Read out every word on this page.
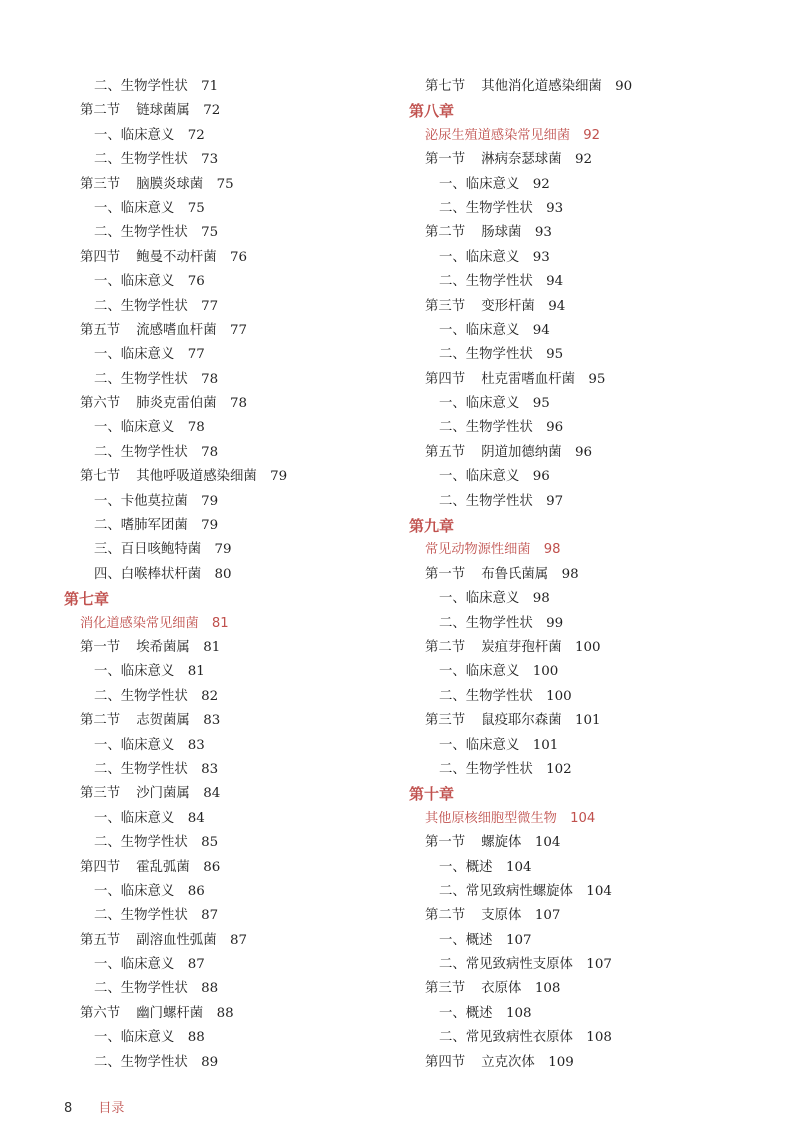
二、生物学性状 71
第二节 链球菌属 72
一、临床意义 72
二、生物学性状 73
第三节 脑膜炎球菌 75
一、临床意义 75
二、生物学性状 75
第四节 鲍曼不动杆菌 76
一、临床意义 76
二、生物学性状 77
第五节 流感嗜血杆菌 77
一、临床意义 77
二、生物学性状 78
第六节 肺炎克雷伯菌 78
一、临床意义 78
二、生物学性状 78
第七节 其他呼吸道感染细菌 79
一、卡他莫拉菌 79
二、嗜肺军团菌 79
三、百日咳鲍特菌 79
四、白喉棒状杆菌 80
第七章
消化道感染常见细菌 81
第一节 埃希菌属 81
一、临床意义 81
二、生物学性状 82
第二节 志贺菌属 83
一、临床意义 83
二、生物学性状 83
第三节 沙门菌属 84
一、临床意义 84
二、生物学性状 85
第四节 霍乱弧菌 86
一、临床意义 86
二、生物学性状 87
第五节 副溶血性弧菌 87
一、临床意义 87
二、生物学性状 88
第六节 幽门螺杆菌 88
一、临床意义 88
二、生物学性状 89
第七节 其他消化道感染细菌 90
第八章
泌尿生殖道感染常见细菌 92
第一节 淋病奈瑟球菌 92
一、临床意义 92
二、生物学性状 93
第二节 肠球菌 93
一、临床意义 93
二、生物学性状 94
第三节 变形杆菌 94
一、临床意义 94
二、生物学性状 95
第四节 杜克雷嗜血杆菌 95
一、临床意义 95
二、生物学性状 96
第五节 阴道加德纳菌 96
一、临床意义 96
二、生物学性状 97
第九章
常见动物源性细菌 98
第一节 布鲁氏菌属 98
一、临床意义 98
二、生物学性状 99
第二节 炭疽芽孢杆菌 100
一、临床意义 100
二、生物学性状 100
第三节 鼠疫耶尔森菌 101
一、临床意义 101
二、生物学性状 102
第十章
其他原核细胞型微生物 104
第一节 螺旋体 104
一、概述 104
二、常见致病性螺旋体 104
第二节 支原体 107
一、概述 107
二、常见致病性支原体 107
第三节 衣原体 108
一、概述 108
二、常见致病性衣原体 108
第四节 立克次体 109
8 目录
